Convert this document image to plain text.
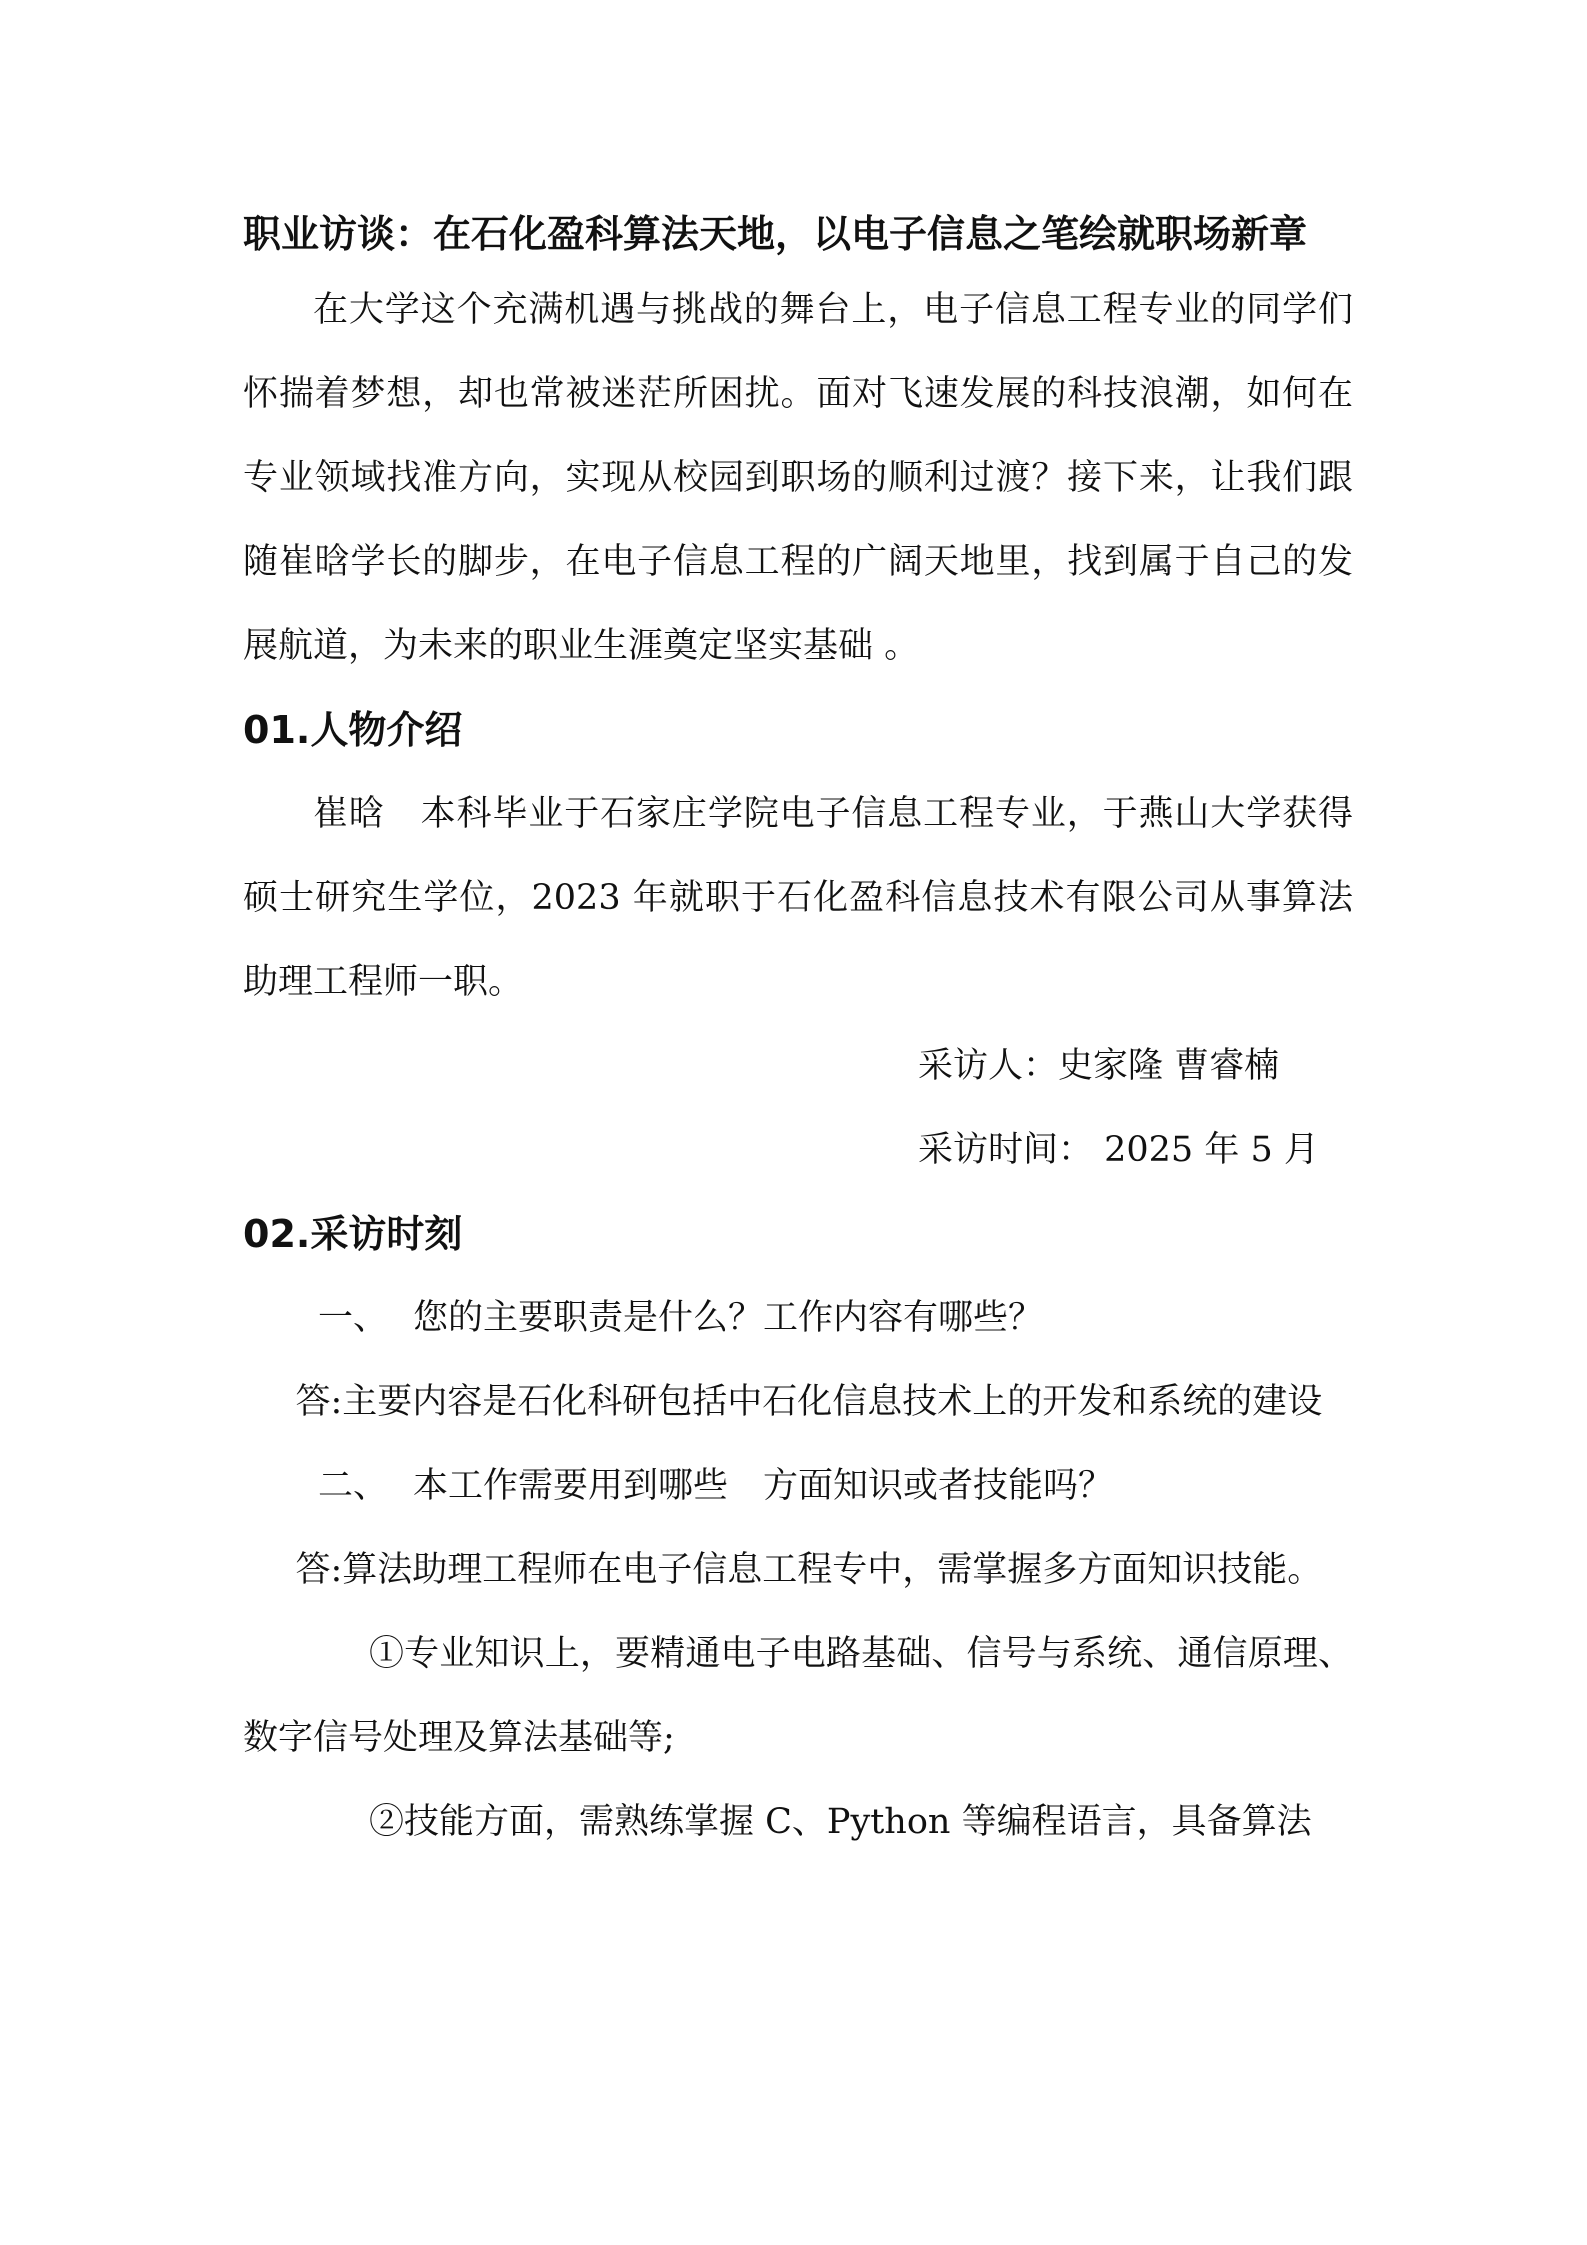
职业访谈：在石化盈科算法天地，以电子信息之笔绘就职场新章

在大学这个充满机遇与挑战的舞台上，电子信息工程专业的同学们怀揣着梦想，却也常被迷茫所困扰。面对飞速发展的科技浪潮，如何在专业领域找准方向，实现从校园到职场的顺利过渡？接下来，让我们跟随崔晗学长的脚步，在电子信息工程的广阔天地里，找到属于自己的发展航道，为未来的职业生涯奠定坚实基础 。

01.人物介绍

崔晗　本科毕业于石家庄学院电子信息工程专业，于燕山大学获得硕士研究生学位，2023 年就职于石化盈科信息技术有限公司从事算法助理工程师一职。

采访人：史家隆 曹睿楠

采访时间： 2025 年 5 月

02.采访时刻

一、 您的主要职责是什么？工作内容有哪些？

答:主要内容是石化科研包括中石化信息技术上的开发和系统的建设

二、 本工作需要用到哪些　方面知识或者技能吗？

答:算法助理工程师在电子信息工程专中，需掌握多方面知识技能。

①专业知识上，要精通电子电路基础、信号与系统、通信原理、数字信号处理及算法基础等;

②技能方面，需熟练掌握 C、Python 等编程语言，具备算法
